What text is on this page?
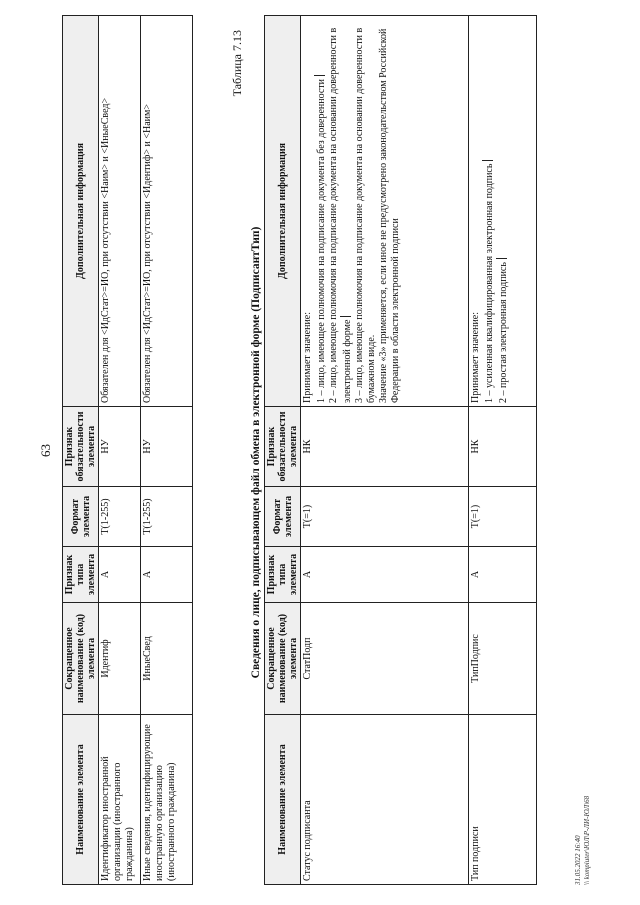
63
Наименование элемента	Сокращенное наименование (код) элемента	Признак типа элемента	Формат элемента	Признак обязательности элемента	Дополнительная информация
Идентификатор иностранной организации (иностранного гражданина)	Идентиф	А	T(1-255)	НУ	Обязателен для <ИдСтат>=ИО, при отсутствии <Наим> и <ИныеСвед>
Иные сведения, идентифицирующие иностранную организацию (иностранного гражданина)	ИныеСвед	А	T(1-255)	НУ	Обязателен для <ИдСтат>=ИО, при отсутствии <Идентиф> и <Наим>
Таблица 7.13
Сведения о лице, подписывающем файл обмена в электронной форме (ПодписантТип)
Наименование элемента	Сокращенное наименование (код) элемента	Признак типа элемента	Формат элемента	Признак обязательности элемента	Дополнительная информация
Статус подписанта	СтатПодп	А	T(=1)	НК	Принимает значение: 1 – лицо, имеющее полномочия на подписание документа без доверенности 2 – лицо, имеющее полномочия на подписание документа на основании доверенности в электронной форме 3 – лицо, имеющее полномочия на подписание документа на основании доверенности в бумажном виде. Значение «3» применяется, если иное не предусмотрено законодательством Российской Федерации в области электронной подписи

Тип подписи	ТипПодпис	А	T(=1)	НК	Принимает значение: 1 – усиленная квалифицированная электронная подпись 2 – простая электронная подпись
31.05.2022 16:40 \\ kompiuter\ЮЛ\Р-ЛИ-ЮЛ\68
